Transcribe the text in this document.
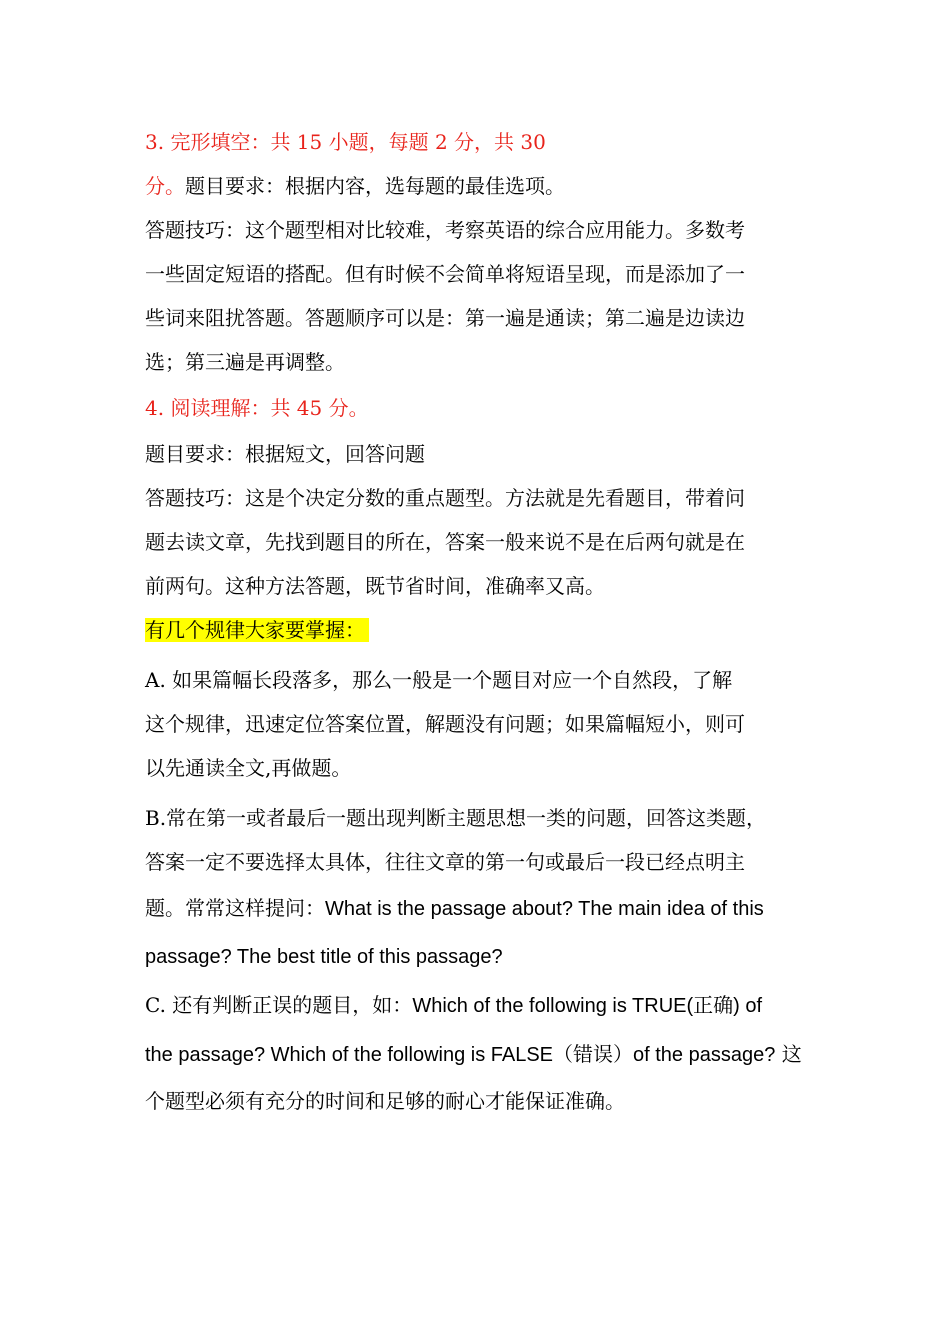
3. 完形填空：共 15 小题，每题 2 分，共 30

分。题目要求：根据内容，选每题的最佳选项。

答题技巧：这个题型相对比较难，考察英语的综合应用能力。多数考

一些固定短语的搭配。但有时候不会简单将短语呈现，而是添加了一

些词来阻扰答题。答题顺序可以是：第一遍是通读；第二遍是边读边

选；第三遍是再调整。

4. 阅读理解：共 45 分。

题目要求：根据短文，回答问题

答题技巧：这是个决定分数的重点题型。方法就是先看题目，带着问

题去读文章，先找到题目的所在，答案一般来说不是在后两句就是在

前两句。这种方法答题，既节省时间，准确率又高。

有几个规律大家要掌握：

A. 如果篇幅长段落多，那么一般是一个题目对应一个自然段，了解

这个规律，迅速定位答案位置，解题没有问题；如果篇幅短小，则可

以先通读全文,再做题。

B.常在第一或者最后一题出现判断主题思想一类的问题，回答这类题，

答案一定不要选择太具体，往往文章的第一句或最后一段已经点明主

题。常常这样提问：What is the passage about? The main idea of this

passage? The best title of this passage?

C. 还有判断正误的题目，如：Which of the following is TRUE(正确) of

the passage? Which of the following is FALSE（错误）of the passage? 这

个题型必须有充分的时间和足够的耐心才能保证准确。
